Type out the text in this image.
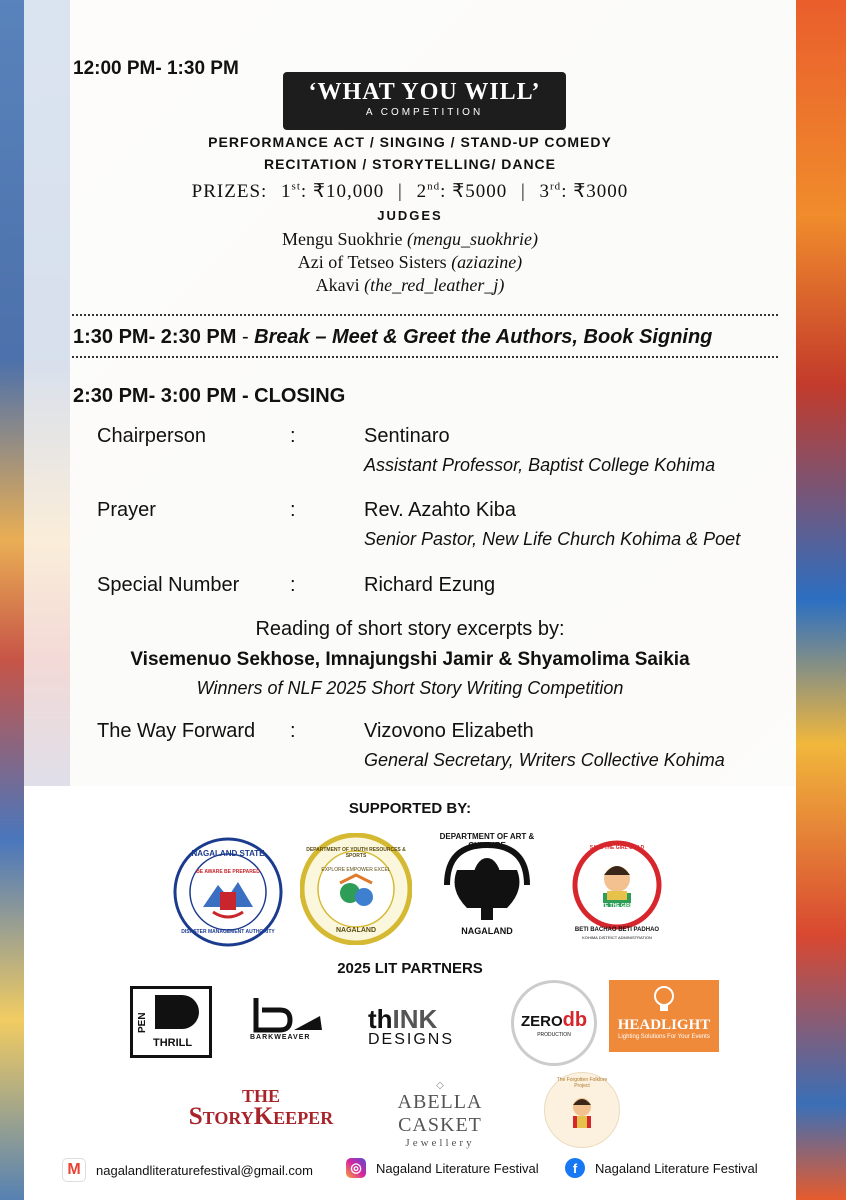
12:00 PM- 1:30 PM
‘WHAT YOU WILL’
A COMPETITION
PERFORMANCE ACT / SINGING / STAND-UP COMEDY
RECITATION / STORYTELLING/ DANCE
PRIZES: 1st: ₹10,000 | 2nd: ₹5000 | 3rd: ₹3000
JUDGES
Mengu Suokhrie (mengu_suokhrie)
Azi of Tetseo Sisters (aziazine)
Akavi (the_red_leather_j)
1:30 PM- 2:30 PM - Break – Meet & Greet the Authors, Book Signing
2:30 PM- 3:00 PM - CLOSING
Chairperson	:	Sentinaro
Assistant Professor, Baptist College Kohima
Prayer	:	Rev. Azahto Kiba
Senior Pastor, New Life Church Kohima & Poet
Special Number	:	Richard Ezung
Reading of short story excerpts by:
Visemenuo Sekhose, Imnajungshi Jamir & Shyamolima Saikia
Winners of NLF 2025 Short Story Writing Competition
The Way Forward :	Vizovono Elizabeth
General Secretary, Writers Collective Kohima
SUPPORTED BY:
NAGALAND STATE
BE AWARE BE PREPARED
DISASTER MANAGEMENT AUTHORITY
DEPARTMENT OF YOUTH RESOURCES & SPORTS
EXPLORE EMPOWER EXCEL
NAGALAND
DEPARTMENT OF ART & CULTURE
NAGALAND
SAVE THE GIRL CHILD
EDUCATE THE GIRL CHILD
BETI BACHAO BETI PADHAO
KOHIMA DISTRICT ADMINISTRATION
2025 LIT PARTNERS
PEN
THRILL	BARKWEAVER
thINK
DESIGNS
ZEROdb
PRODUCTION
HEADLIGHT
Lighting Solutions For Your Events
THE
StoryKeeper
◇
ABELLA CASKET
Jewellery
The Forgotten Folklore Project
M	nagalandliteraturefestival@gmail.com	◎	Nagaland Literature Festival	f	Nagaland Literature Festival
